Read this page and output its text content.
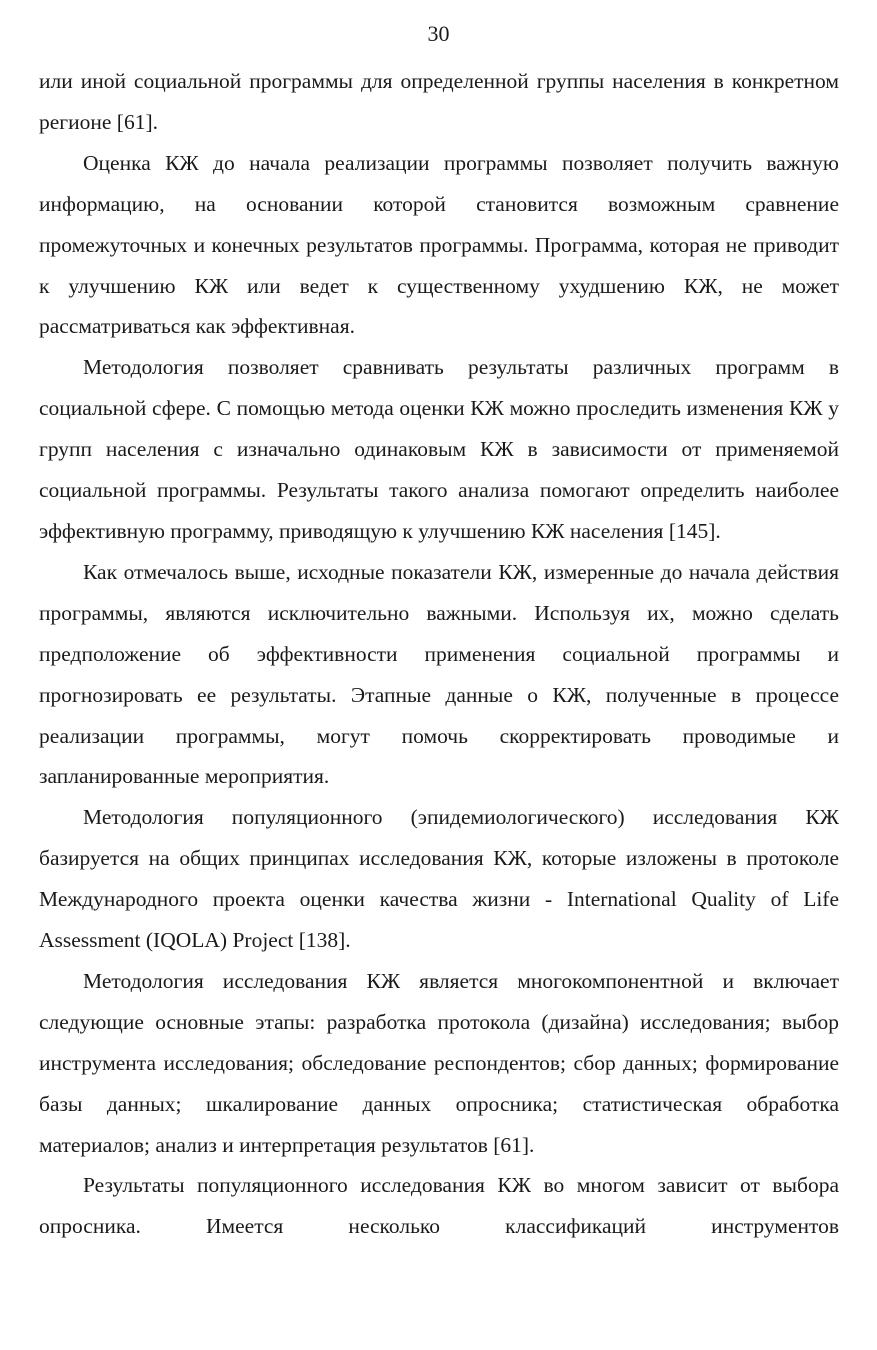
30

или иной социальной программы для определенной группы населения в конкретном регионе [61].

Оценка КЖ до начала реализации программы позволяет получить важную информацию, на основании которой становится возможным сравнение промежуточных и конечных результатов программы. Программа, которая не приводит к улучшению КЖ или ведет к существенному ухудшению КЖ, не может рассматриваться как эффективная.

Методология позволяет сравнивать результаты различных программ в социальной сфере. С помощью метода оценки КЖ можно проследить изменения КЖ у групп населения с изначально одинаковым КЖ в зависимости от применяемой социальной программы. Результаты такого анализа помогают определить наиболее эффективную программу, приводящую к улучшению КЖ населения [145].

Как отмечалось выше, исходные показатели КЖ, измеренные до начала действия программы, являются исключительно важными. Используя их, можно сделать предположение об эффективности применения социальной программы и прогнозировать ее результаты. Этапные данные о КЖ, полученные в процессе реализации программы, могут помочь скорректировать проводимые и запланированные мероприятия.

Методология популяционного (эпидемиологического) исследования КЖ базируется на общих принципах исследования КЖ, которые изложены в протоколе Международного проекта оценки качества жизни - International Quality of Life Assessment (IQOLA) Project [138].

Методология исследования КЖ является многокомпонентной и включает следующие основные этапы: разработка протокола (дизайна) исследования; выбор инструмента исследования; обследование респондентов; сбор данных; формирование базы данных; шкалирование данных опросника; статистическая обработка материалов; анализ и интерпретация результатов [61].

Результаты популяционного исследования КЖ во многом зависит от выбора опросника. Имеется несколько классификаций инструментов
